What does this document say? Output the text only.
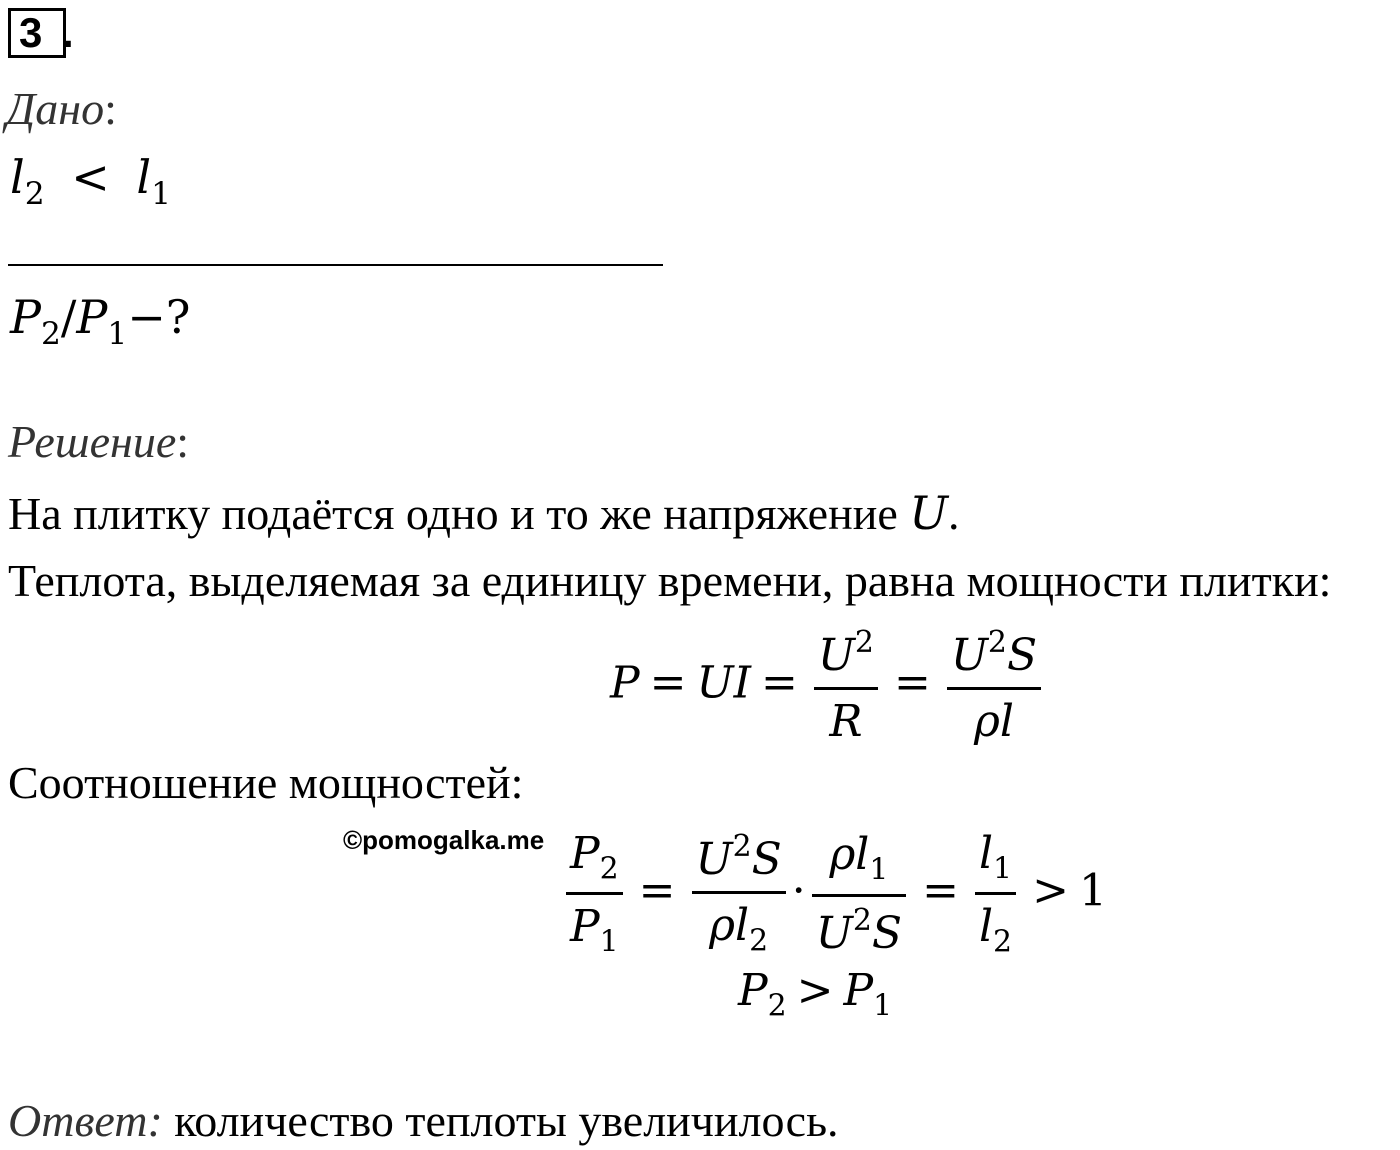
3 .
Дано:
$l_2 < l_1$
$P_2/P_1-$?
Решение:
На плитку подаётся одно и то же напряжение U.
Теплота, выделяемая за единицу времени, равна мощности плитки:
P = UI = $\frac{U^2}{R} = \frac{U^2S}{\rho l}$
Соотношение мощностей:
©pomogalka.me $\frac{P_2}{P_1} = \frac{U^2S}{\rho l_2} \cdot \frac{\rho l_1}{U^2S} = \frac{l_1}{l_2} > 1$
$P_2 > P_1$
Ответ: количество теплоты увеличилось.
